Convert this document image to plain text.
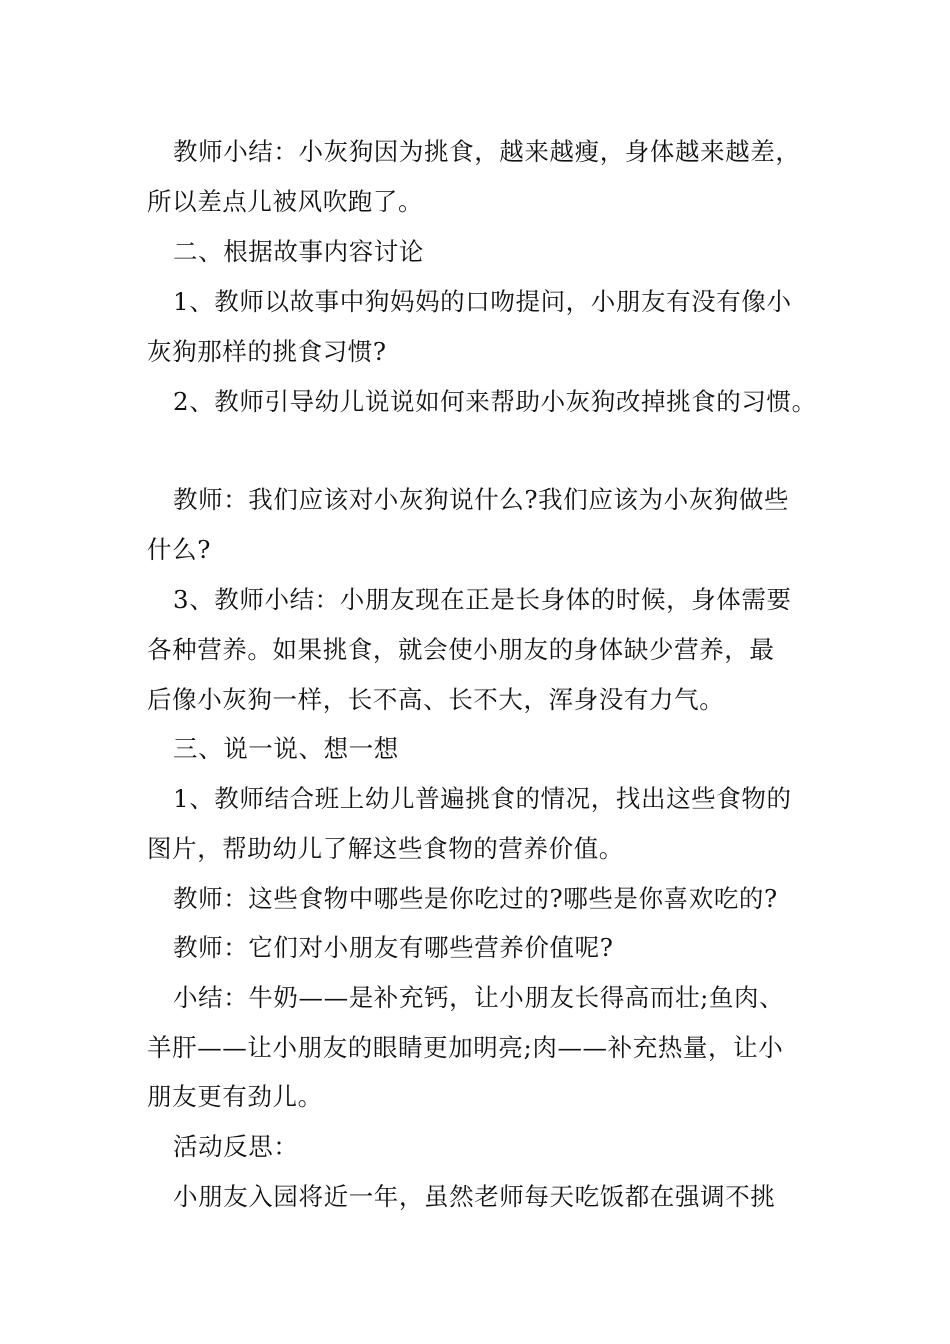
教师小结：小灰狗因为挑食，越来越瘦，身体越来越差，
所以差点儿被风吹跑了。
二、根据故事内容讨论
1、教师以故事中狗妈妈的口吻提问，小朋友有没有像小
灰狗那样的挑食习惯?
2、教师引导幼儿说说如何来帮助小灰狗改掉挑食的习惯。
教师：我们应该对小灰狗说什么?我们应该为小灰狗做些
什么?
3、教师小结：小朋友现在正是长身体的时候，身体需要
各种营养。如果挑食，就会使小朋友的身体缺少营养，最
后像小灰狗一样，长不高、长不大，浑身没有力气。
三、说一说、想一想
1、教师结合班上幼儿普遍挑食的情况，找出这些食物的
图片，帮助幼儿了解这些食物的营养价值。
教师：这些食物中哪些是你吃过的?哪些是你喜欢吃的?
教师：它们对小朋友有哪些营养价值呢?
小结：牛奶——是补充钙，让小朋友长得高而壮;鱼肉、
羊肝——让小朋友的眼睛更加明亮;肉——补充热量，让小
朋友更有劲儿。
活动反思：
小朋友入园将近一年，虽然老师每天吃饭都在强调不挑
